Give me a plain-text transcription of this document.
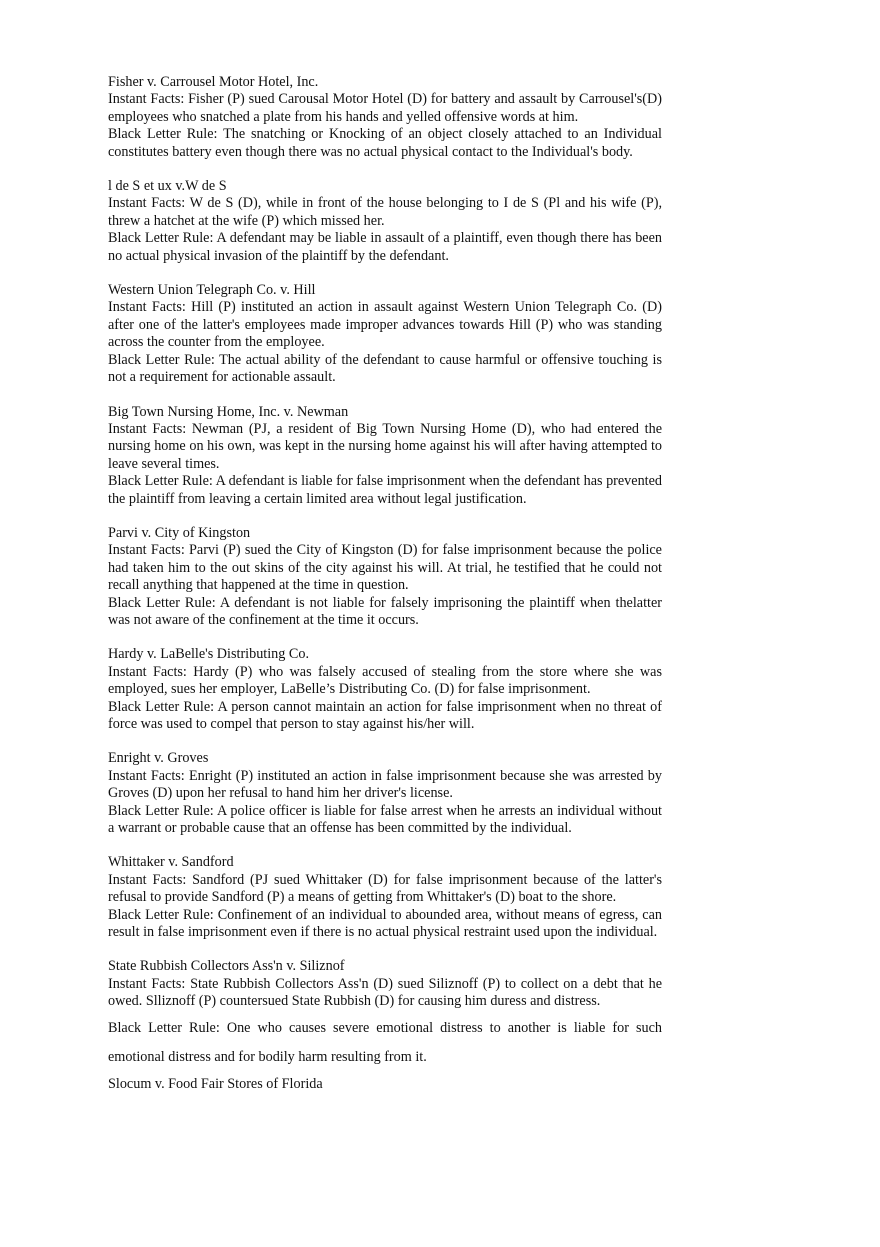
Fisher v. Carrousel Motor Hotel, Inc.

Instant Facts: Fisher (P) sued Carousal Motor Hotel (D) for battery and assault by Carrousel's(D) employees who snatched a plate from his hands and yelled offensive words at him.

Black Letter Rule: The snatching or Knocking of an object closely attached to an Individual constitutes battery even though there was no actual physical contact to the Individual's body.

l de S et ux v.W de S

Instant Facts: W de S (D), while in front of the house belonging to I de S (Pl and his wife (P), threw a hatchet at the wife (P) which missed her.

Black Letter Rule: A defendant may be liable in assault of a plaintiff, even though there has been no actual physical invasion of the plaintiff by the defendant.

Western Union Telegraph Co. v. Hill

Instant Facts: Hill (P) instituted an action in assault against Western Union Telegraph Co. (D) after one of the latter's employees made improper advances towards Hill (P) who was standing across the counter from the employee.

Black Letter Rule: The actual ability of the defendant to cause harmful or offensive touching is not a requirement for actionable assault.

Big Town Nursing Home, Inc. v. Newman

Instant Facts: Newman (PJ, a resident of Big Town Nursing Home (D), who had entered the nursing home on his own, was kept in the nursing home against his will after having attempted to leave several times.

Black Letter Rule: A defendant is liable for false imprisonment when the defendant has prevented the plaintiff from leaving a certain limited area without legal justification.

Parvi v. City of Kingston

Instant Facts: Parvi (P) sued the City of Kingston (D) for false imprisonment because the police had taken him to the out skins of the city against his will. At trial, he testified that he could not recall anything that happened at the time in question.

Black Letter Rule: A defendant is not liable for falsely imprisoning the plaintiff when thelatter was not aware of the confinement at the time it occurs.

Hardy v. LaBelle's Distributing Co.

Instant Facts: Hardy (P) who was falsely accused of stealing from the store where she was employed, sues her employer, LaBelle’s Distributing Co. (D) for false imprisonment.

Black Letter Rule: A person cannot maintain an action for false imprisonment when no threat of force was used to compel that person to stay against his/her will.

Enright v. Groves

Instant Facts: Enright (P) instituted an action in false imprisonment because she was arrested by Groves (D) upon her refusal to hand him her driver's license.

Black Letter Rule: A police officer is liable for false arrest when he arrests an individual without a warrant or probable cause that an offense has been committed by the individual.

Whittaker v. Sandford

Instant Facts: Sandford (PJ sued Whittaker (D) for false imprisonment because of the latter's refusal to provide Sandford (P) a means of getting from Whittaker's (D) boat to the shore.

Black Letter Rule: Confinement of an individual to abounded area, without means of egress, can result in false imprisonment even if there is no actual physical restraint used upon the individual.

State Rubbish Collectors Ass'n v. Siliznof

Instant Facts: State Rubbish Collectors Ass'n (D) sued Siliznoff (P) to collect on a debt that he owed. Slliznoff (P) countersued State Rubbish (D) for causing him duress and distress.

Black Letter Rule: One who causes severe emotional distress to another is liable for such emotional distress and for bodily harm resulting from it.

Slocum v. Food Fair Stores of Florida
